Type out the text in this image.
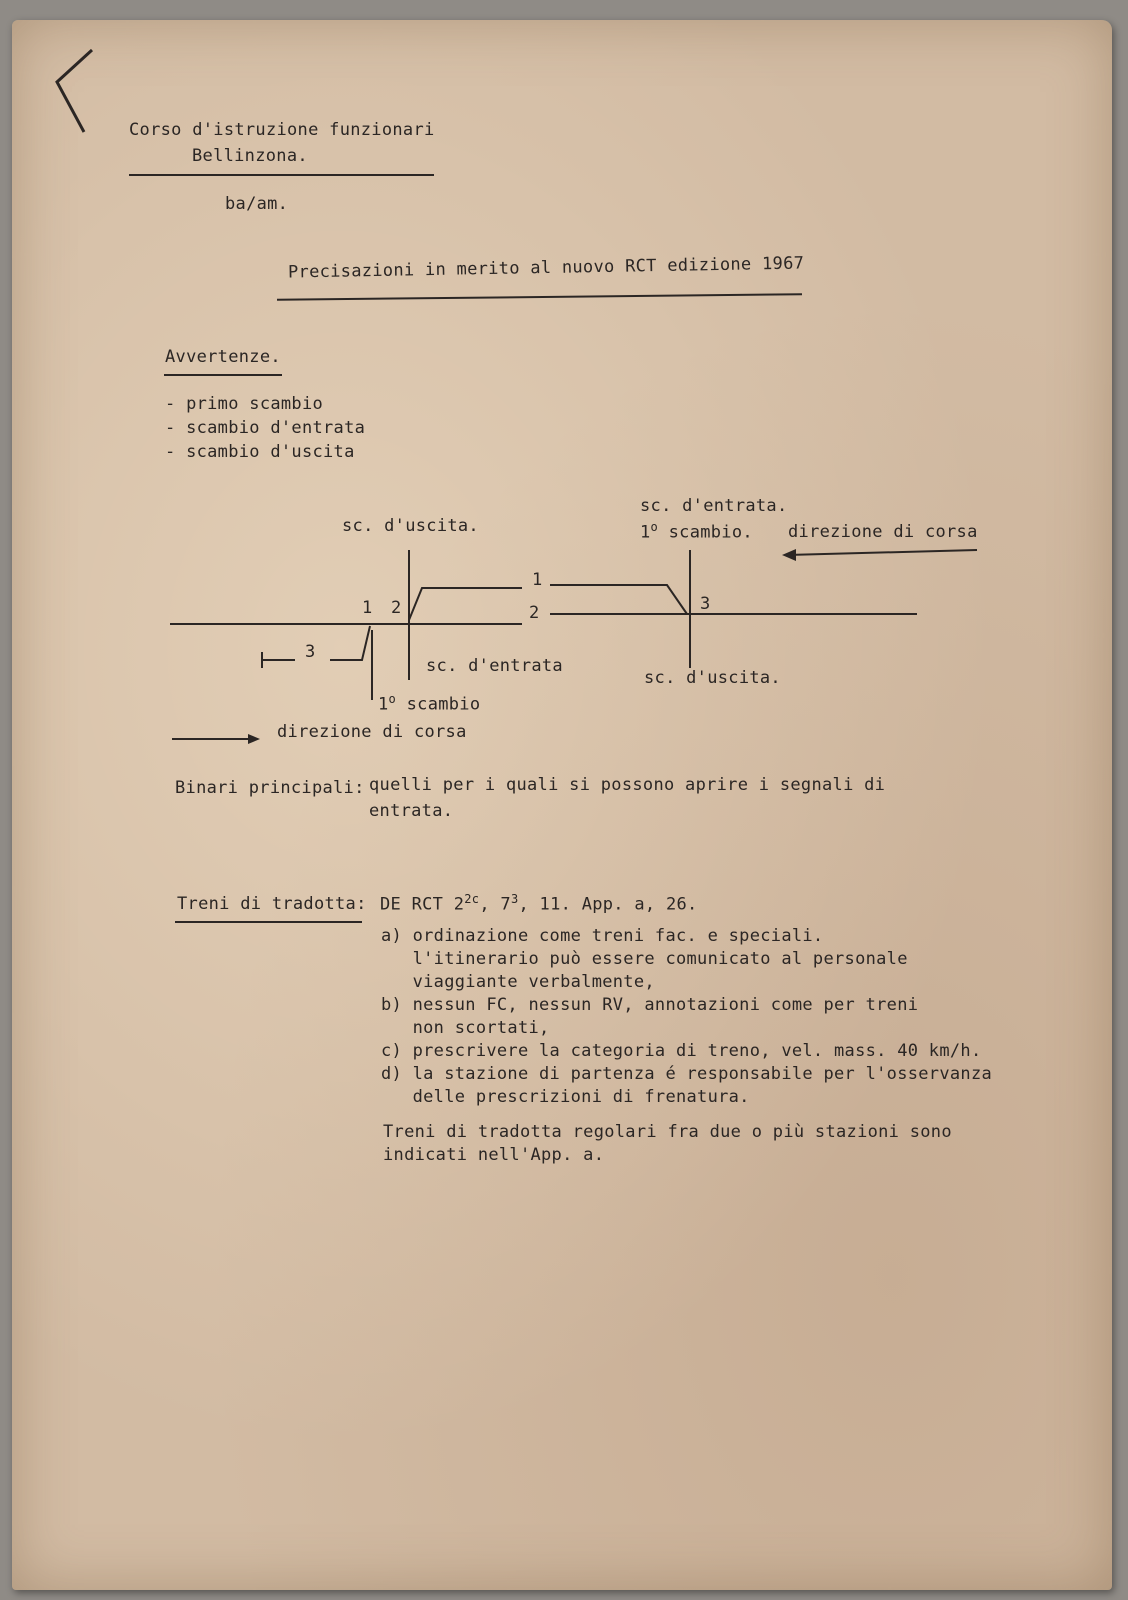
Corso d'istruzione funzionari
Bellinzona.
ba/am.
Precisazioni in merito al nuovo RCT edizione 1967
Avvertenze.
- primo scambio
- scambio d'entrata
- scambio d'uscita
sc. d'uscita.
sc. d'entrata.
1$^o$ scambio. direzione di corsa
1 2
1
2	3
3
sc. d'entrata
sc. d'uscita.
1$^o$ scambio
direzione di corsa
Binari principali: quelli per i quali si possono aprire i segnali di
entrata.
Treni di tradotta: DE RCT $2^{2c}$, $7^3$, 11. App. a, 26.
a) ordinazione come treni fac. e speciali.
l'itinerario può essere comunicato al personale
viaggiante verbalmente,
b) nessun FC, nessun RV, annotazioni come per treni
non scortati,
c) prescrivere la categoria di treno, vel. mass. 40 km/h.
d) la stazione di partenza é responsabile per l'osservanza
delle prescrizioni di frenatura.
Treni di tradotta regolari fra due o più stazioni sono
indicati nell'App. a.
